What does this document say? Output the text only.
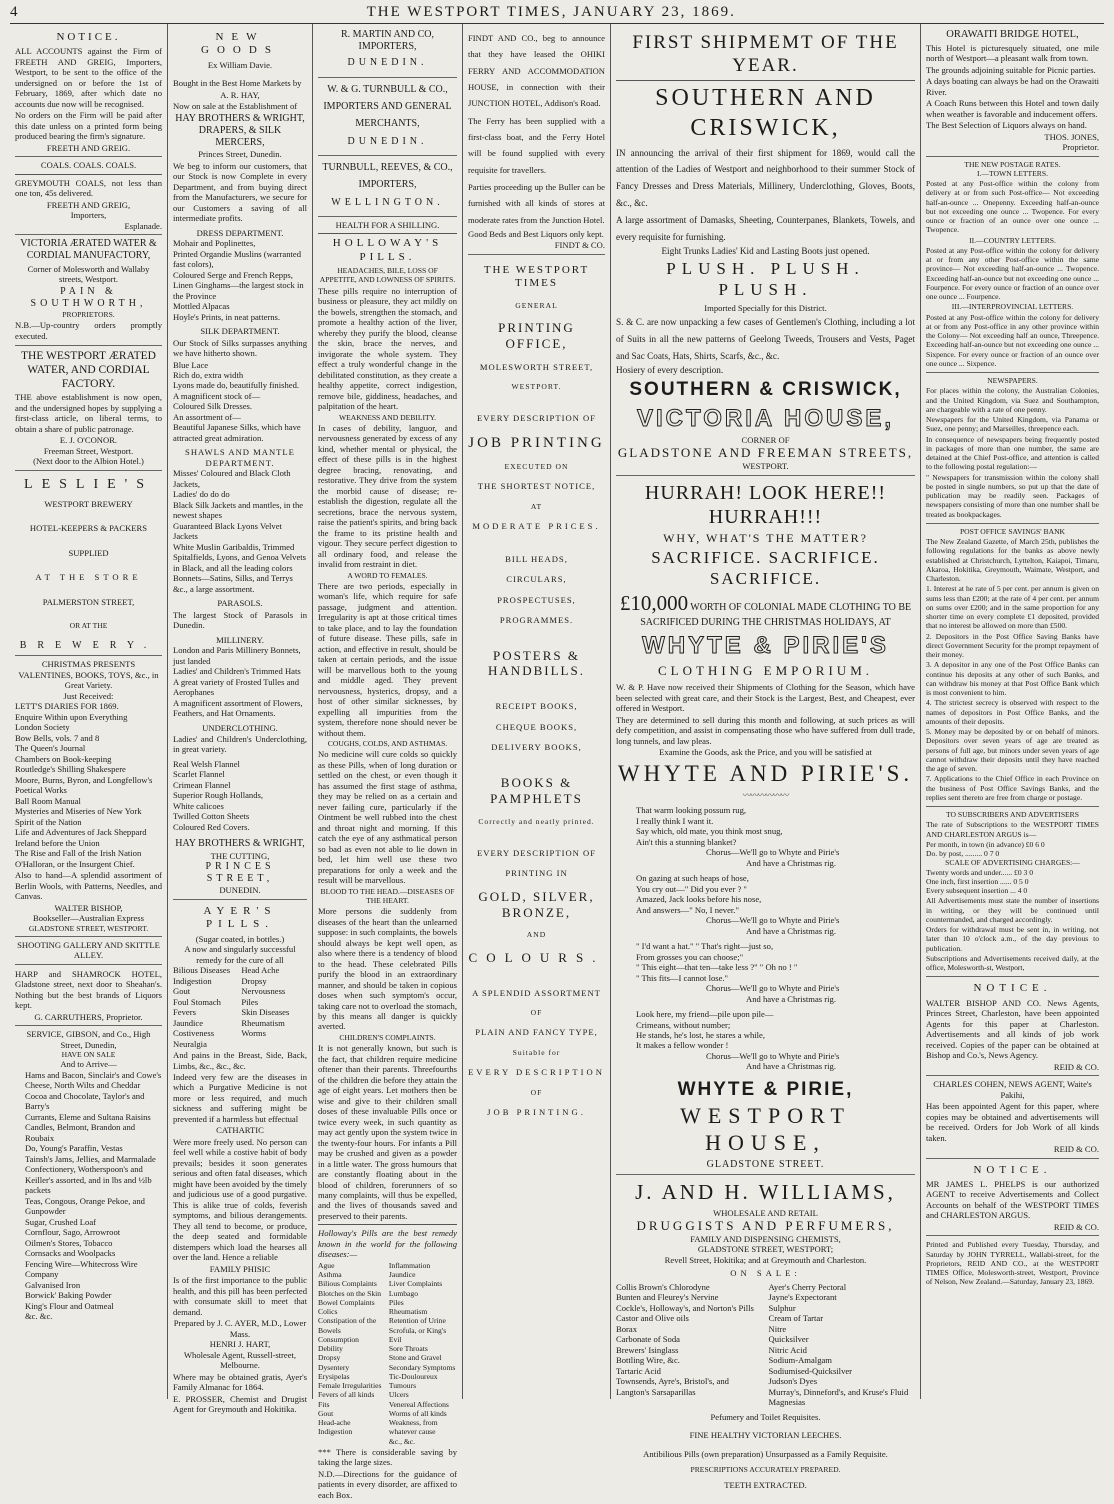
4	THE WESTPORT TIMES, JANUARY 23, 1869.
NOTICE.

ALL ACCOUNTS against the Firm of FREETH AND GREIG, Importers, Westport, to be sent to the office of the undersigned on or before the 1st of February, 1869, after which date no accounts due now will be recognised.

No orders on the Firm will be paid after this date unless on a printed form being produced bearing the firm's signature.

FREETH AND GREIG.
COALS. COALS. COALS.

GREYMOUTH COALS, not less than one ton, 45s delivered.

FREETH AND GREIG,
Importers,
Esplanade.
VICTORIA ÆRATED WATER & CORDIAL MANUFACTORY,

Corner of Molesworth and Wallaby streets, Westport.

PAIN & SOUTHWORTH,
PROPRIETORS.

N.B.—Up-country orders promptly executed.

THE WESTPORT ÆRATED WATER, AND CORDIAL FACTORY.

THE above establishment is now open, and the undersigned hopes by supplying a first-class article, on liberal terms, to obtain a share of public patronage.

E. J. O'CONOR.
Freeman Street, Westport.
(Next door to the Albion Hotel.)
LESLIE'S
WESTPORT BREWERY
HOTEL-KEEPERS & PACKERS
SUPPLIED
AT THE STORE
PALMERSTON STREET,
OR AT THE
BREWERY.
CHRISTMAS PRESENTS VALENTINES, BOOKS, TOYS, &c., in Great Variety.
Just Received:
LETT'S DIARIES FOR 1869.
Enquire Within upon Everything
London Society
Bow Bells, vols. 7 and 8
The Queen's Journal
Chambers on Book-keeping
Routledge's Shilling Shakespere
Moore, Burns, Byron, and Longfellow's Poetical Works
Ball Room Manual
Mysteries and Miseries of New York
Spirit of the Nation
Life and Adventures of Jack Sheppard
Ireland before the Union
The Rise and Fall of the Irish Nation
O'Halloran, or the Insurgent Chief.

Also to hand—A splendid assortment of Berlin Wools, with Patterns, Needles, and Canvas.

WALTER BISHOP,
Bookseller—Australian Express
GLADSTONE STREET, WESTPORT.
SHOOTING GALLERY AND SKITTLE ALLEY.

HARP and SHAMROCK HOTEL, Gladstone street, next door to Sheahan's. Nothing but the best brands of Liquors kept.

G. CARRUTHERS, Proprietor.
SERVICE, GIBSON, and Co., High Street, Dunedin,
HAVE ON SALE
And to Arrive—
Hams and Bacon, Sinclair's and Cowe's
Cheese, North Wilts and Cheddar
Cocoa and Chocolate, Taylor's and Barry's
Currants, Eleme and Sultana Raisins
Candles, Belmont, Brandon and Roubaix
Do, Young's Paraffin, Vestas
Tainsh's Jams, Jellies, and Marmalade
Confectionery, Wotherspoon's and Keiller's assorted, and in lbs and ½lb packets
Teas, Congous, Orange Pekoe, and Gunpowder
Sugar, Crushed Loaf
Cornflour, Sago, Arrowroot
Oilmen's Stores, Tobacco
Cornsacks and Woolpacks
Fencing Wire—Whitecross Wire Company
Galvanised Iron
Borwick' Baking Powder
King's Flour and Oatmeal
&c. &c.
NEW GOODS
Ex William Davie.

Bought in the Best Home Markets by

A. R. HAY,

Now on sale at the Establishment of

HAY BROTHERS & WRIGHT, DRAPERS, & SILK MERCERS,
Princes Street, Dunedin.

We beg to inform our customers, that our Stock is now Complete in every Department, and from buying direct from the Manufacturers, we secure for our Customers a saving of all intermediate profits.

DRESS DEPARTMENT.
Mohair and Poplinettes,
Printed Organdie Muslins (warranted fast colors),
Coloured Serge and French Repps,
Linen Ginghams—the largest stock in the Province
Mottled Alpacas
Hoyle's Prints, in neat patterns.
SILK DEPARTMENT.

Our Stock of Silks surpasses anything we have hitherto shown.

Blue Lace
Rich do, extra width
Lyons made do, beautifully finished.
A magnificent stock of—
Coloured Silk Dresses.
An assortment of—
Beautiful Japanese Silks, which have attracted great admiration.
SHAWLS AND MANTLE DEPARTMENT.
Misses' Coloured and Black Cloth Jackets,
Ladies' do do do
Black Silk Jackets and mantles, in the newest shapes
Guaranteed Black Lyons Velvet Jackets
White Muslin Garibaldis, Trimmed
Spitalfields, Lyons, and Genoa Velvets in Black, and all the leading colors
Bonnets—Satins, Silks, and Terrys &c., a large assortment.
PARASOLS.

The largest Stock of Parasols in Dunedin.

MILLINERY.
London and Paris Millinery Bonnets, just landed
Ladies' and Children's Trimmed Hats
A great variety of Frosted Tulles and Aerophanes
A magnificent assortment of Flowers, Feathers, and Hat Ornaments.
UNDERCLOTHING.

Ladies' and Children's Underclothing, in great variety.

Real Welsh Flannel
Scarlet Flannel
Crimean Flannel
Superior Rough Hollands,
White calicoes
Twilled Cotton Sheets
Coloured Red Covers.
HAY BROTHERS & WRIGHT,
THE CUTTING,
PRINCES STREET,
DUNEDIN.
AYER'S PILLS.
(Sugar coated, in bottles.)
A now and singularly successful remedy for the cure of all
Bilious Diseases
Indigestion
Gout
Foul Stomach
Fevers
Jaundice
Costiveness
Neuralgia
Head Ache
Dropsy
Nervousness
Piles
Skin Diseases
Rheumatism
Worms

And pains in the Breast, Side, Back, Limbs, &c., &c., &c.

Indeed very few are the diseases in which a Purgative Medicine is not more or less required, and much sickness and suffering might be prevented if a harmless but effectual

CATHARTIC

Were more freely used. No person can feel well while a costive habit of body prevails; besides it soon generates serious and often fatal diseases, which might have been avoided by the timely and judicious use of a good purgative. This is alike true of colds, feverish symptoms, and bilious derangements. They all tend to become, or produce, the deep seated and formidable distempers which load the hearses all over the land. Hence a reliable

FAMILY PHISIC

Is of the first importance to the public health, and this pill has been perfected with consumate skill to meet that demand.

Prepared by J. C. AYER, M.D., Lower Mass.
HENRI J. HART,
Wholesale Agent, Russell-street, Melbourne.

Where may be obtained gratis, Ayer's Family Almanac for 1864.

E. PROSSER, Chemist and Drugist Agent for Greymouth and Hokitika.

R. MARTIN AND CO, IMPORTERS,
DUNEDIN.
W. & G. TURNBULL & CO., IMPORTERS AND GENERAL MERCHANTS,
DUNEDIN.
TURNBULL, REEVES, & CO., IMPORTERS,
WELLINGTON.
HEALTH FOR A SHILLING.
HOLLOWAY'S PILLS.
HEADACHES, BILE, LOSS OF APPETITE, AND LOWNESS OF SPIRITS.

These pills require no interruption of business or pleasure, they act mildly on the bowels, strengthen the stomach, and promote a healthy action of the liver, whereby they purify the blood, cleanse the skin, brace the nerves, and invigorate the whole system. They effect a truly wonderful change in the debilitated constitution, as they create a healthy appetite, correct indigestion, remove bile, giddiness, headaches, and palpitation of the heart.

WEAKNESS AND DEBILITY.

In cases of debility, languor, and nervousness generated by excess of any kind, whether mental or physical, the effect of these pills is in the highest degree bracing, renovating, and restorative. They drive from the system the morbid cause of disease; re-establish the digestion, regulate all the secretions, brace the nervous system, raise the patient's spirits, and bring back the frame to its pristine health and vigour. They secure perfect digestion to all ordinary food, and release the invalid from restraint in diet.

A WORD TO FEMALES.

There are two periods, especially in woman's life, which require for safe passage, judgment and attention. Irregularity is apt at those critical times to take place, and to lay the foundation of future disease. These pills, safe in action, and effective in result, should be taken at certain periods, and the issue will be marvellous both to the young and middle aged. They prevent nervousness, hysterics, dropsy, and a host of other similar sicknesses, by expelling all impurities from the system, therefore none should never be without them.

COUGHS, COLDS, AND ASTHMAS.

No medicine will cure colds so quickly as these Pills, when of long duration or settled on the chest, or even though it has assumed the first stage of asthma, they may be relied on as a certain and never failing cure, particularly if the Ointment be well rubbed into the chest and throat night and morning. If this catch the eye of any asthmatical person so bad as even not able to lie down in bed, let him well use these two preparations for only a week and the result will be marvellous.

BLOOD TO THE HEAD.—DISEASES OF THE HEART.

More persons die suddenly from diseases of the heart than the unlearned suppose: in such complaints, the bowels should always be kept well open, as also where there is a tendency of blood to the head. These celebrated Pills purify the blood in an extraordinary manner, and should be taken in copious doses when such symptom's occur, taking care not to overload the stomach, by this means all danger is quickly averted.

CHILDREN'S COMPLAINTS.

It is not generally known, but such is the fact, that children require medicine oftener than their parents. Threefourths of the children die before they attain the age of eight years. Let mothers then be wise and give to their children small doses of these invaluable Pills once or twice every week, in such quantity as may act gently upon the system twice in the twenty-four hours. For infants a Pill may be crushed and given as a powder in a little water. The gross humours that are constantly floating about in the blood of children, forerunners of so many complaints, will thus be expelled, and the lives of thousands saved and preserved to their parents.

Holloway's Pills are the best remedy known in the world for the following diseases:—

Ague
Asthma
Bilious Complaints
Blotches on the Skin
Bowel Complaints
Colics
Constipation of the Bowels
Consumption
Debility
Dropsy
Dysentery
Erysipelas
Female Irregularities
Fevers of all kinds
Fits
Gout
Head-ache
Indigestion
Inflammation
Jaundice
Liver Complaints
Lumbago
Piles
Rheumatism
Retention of Urine
Scrofula, or King's Evil
Sore Throats
Stone and Gravel
Secondary Symptoms
Tic-Douloureux
Tumours
Ulcers
Venereal Affections
Worms of all kinds
Weakness, from whatever cause
&c., &c.

*** There is considerable saving by taking the large sizes.

N.D.—Directions for the guidance of patients in every disorder, are affixed to each Box.

FINDT AND CO., beg to announce that they have leased the OHIKI FERRY AND ACCOMMODATION HOUSE, in connection with their JUNCTION HOTEL, Addison's Road.

The Ferry has been supplied with a first-class boat, and the Ferry Hotel will be found supplied with every requisite for travellers.

Parties proceeding up the Buller can be furnished with all kinds of stores at moderate rates from the Junction Hotel.

Good Beds and Best Liquors only kept.

FINDT & CO.
THE WESTPORT TIMES
GENERAL
PRINTING OFFICE,
MOLESWORTH STREET,
WESTPORT.
EVERY DESCRIPTION OF
JOB PRINTING
EXECUTED ON
THE SHORTEST NOTICE,
AT
MODERATE PRICES.
BILL HEADS,
CIRCULARS,
PROSPECTUSES,
PROGRAMMES.
POSTERS & HANDBILLS.
RECEIPT BOOKS,
CHEQUE BOOKS,
DELIVERY BOOKS,
BOOKS & PAMPHLETS
Correctly and neatly printed.
EVERY DESCRIPTION OF
PRINTING IN
GOLD, SILVER, BRONZE,
AND
COLOURS.
A SPLENDID ASSORTMENT
OF
PLAIN AND FANCY TYPE,
Suitable for
EVERY DESCRIPTION
OF
JOB PRINTING.
FIRST SHIPMEMT OF THE YEAR.
SOUTHERN AND CRISWICK,

IN announcing the arrival of their first shipment for 1869, would call the attention of the Ladies of Westport and neighborhood to their summer Stock of Fancy Dresses and Dress Materials, Millinery, Underclothing, Gloves, Boots, &c., &c.

A large assortment of Damasks, Sheeting, Counterpanes, Blankets, Towels, and every requisite for furnishing.

Eight Trunks Ladies' Kid and Lasting Boots just opened.

PLUSH. PLUSH. PLUSH.
Imported Specially for this District.

S. & C. are now unpacking a few cases of Gentlemen's Clothing, including a lot of Suits in all the new patterns of Geelong Tweeds, Trousers and Vests, Paget and Sac Coats, Hats, Shirts, Scarfs, &c., &c.

Hosiery of every description.

SOUTHERN & CRISWICK,
VICTORIA HOUSE,
CORNER OF
GLADSTONE AND FREEMAN STREETS,
WESTPORT.
HURRAH! LOOK HERE!! HURRAH!!!
WHY, WHAT'S THE MATTER?
SACRIFICE. SACRIFICE. SACRIFICE.
£10,000 WORTH OF COLONIAL MADE CLOTHING TO BE
SACRIFICED DURING THE CHRISTMAS HOLIDAYS, AT
WHYTE & PIRIE'S
CLOTHING EMPORIUM.

W. & P. Have now received their Shipments of Clothing for the Season, which have been selected with great care, and their Stock is the Largest, Best, and Cheapest, ever offered in Westport.

They are determined to sell during this month and following, at such prices as will defy competition, and assist in compensating those who have suffered from dull trade, long tunnels, and law pleas.

Examine the Goods, ask the Price, and you will be satisfied at

WHYTE AND PIRIE'S.
〰〰〰〰〰〰
That warm looking possum rug,
I really think I want it.
Say which, old mate, you think most snug,
Ain't this a stunning blanket?
Chorus—We'll go to Whyte and Pirie's
And have a Christmas rig.
On gazing at such heaps of hose,
You cry out—" Did you ever ? "
Amazed, Jack looks before his nose,
And answers—" No, I never."
Chorus—We'll go to Whyte and Pirie's
And have a Christmas rig.
" I'd want a hat." " That's right—just so,
From grosses you can choose;"
" This eight—that ten—take less ?" " Oh no ! "
" This fits—I cannot lose."
Chorus—We'll go to Whyte and Pirie's
And have a Christmas rig.
Look here, my friend—pile upon pile—
Crimeans, without number;
He stands, he's lost, he stares a while,
It makes a fellow wonder !
Chorus—We'll go to Whyte and Pirie's
And have a Christmas rig.
WHYTE & PIRIE,
WESTPORT HOUSE,
GLADSTONE STREET.
J. AND H. WILLIAMS,
WHOLESALE AND RETAIL
DRUGGISTS AND PERFUMERS,
FAMILY AND DISPENSING CHEMISTS,
GLADSTONE STREET, WESTPORT;
Revell Street, Hokitika; and at Greymouth and Charleston.
ON SALE:
Collis Brown's Chlorodyne
Bunten and Fleurey's Nervine
Cockle's, Holloway's, and Norton's Pills
Castor and Olive oils
Borax
Carbonate of Soda
Brewers' Isinglass
Bottling Wire, &c.
Tartaric Acid
Townsends, Ayre's, Bristol's, and Langton's Sarsaparillas
Ayer's Cherry Pectoral
Jayne's Expectorant
Sulphur
Cream of Tartar
Nitre
Quicksilver
Nitric Acid
Sodium-Amalgam
Sodiumised-Quicksilver
Judson's Dyes
Murray's, Dinneford's, and Kruse's Fluid Magnesias
Pefumery and Toilet Requisites.
FINE HEALTHY VICTORIAN LEECHES.
Antibilious Pills (own preparation) Unsurpassed as a Family Requisite.
PRESCRIPTIONS ACCURATELY PREPARED.
TEETH EXTRACTED.
ORAWAITI BRIDGE HOTEL,

This Hotel is picturesquely situated, one mile north of Westport—a pleasant walk from town.

The grounds adjoining suitable for Picnic parties.

A days boating can always be had on the Orawaiti River.

A Coach Runs between this Hotel and town daily when weather is favorable and inducement offers.

The Best Selection of Liquors always on hand.

THOS. JONES,
Proprietor.
THE NEW POSTAGE RATES.
I.—TOWN LETTERS.

Posted at any Post-office within the colony from delivery at or from such Post-office— Not exceeding half-an-ounce ... Onepenny. Exceeding half-an-ounce but not exceeding one ounce ... Twopence. For every ounce or fraction of an ounce over one ounce ... Twopence.

II.—COUNTRY LETTERS.

Posted at any Post-office within the colony for delivery at or from any other Post-office within the same province— Not exceeding half-an-ounce ... Twopence. Exceeding half-an-ounce but not exceeding one ounce ... Fourpence. For every ounce or fraction of an ounce over one ounce ... Fourpence.

III.—INTERPROVINCIAL LETTERS.

Posted at any Post-office within the colony for delivery at or from any Post-office in any other province within the Colony— Not exceeding half an ounce, Threepence. Exceeding half-an-ounce but not exceeding one ounce ... Sixpence. For every ounce or fraction of an ounce over one ounce ... Sixpence.

NEWSPAPERS.

For places within the colony, the Australian Colonies, and the United Kingdom, via Suez and Southampton, are chargeable with a rate of one penny.

Newspapers for the United Kingdom, via Panama or Suez, one penny; and Marseilles, threepence each.

In consequence of newspapers being frequently posted in packages of more than one number, the same are detained at the Chief Post-office, and attention is called to the following postal regulation:—

" Newspapers for transmission within the colony shall be posted in single numbers, so put up that the date of publication may be readily seen. Packages of newspapers consisting of more than one number shall be treated as bookpackages.

POST OFFICE SAVINGS' BANK

The New Zealand Gazette, of March 25th, publishes the following regulations for the banks as above newly established at Christchurch, Lyttelton, Kaiapoi, Timaru, Akaroa, Hokitika, Greymouth, Waimate, Westport, and Charleston.

1. Interest at he rate of 5 per cent. per annum is given on sums less than £200; at the rate of 4 per cent. per annum on sums over £200; and in the same proportion for any shorter time on every complete £1 deposited, provided that no interest be allowed on more than £500.

2. Depositors in the Post Office Saving Banks have direct Government Security for the prompt repayment of their money.

3. A depositor in any one of the Post Office Banks can continue his deposits at any other of such Banks, and can withdraw his money at that Post Office Bank which is most convenient to him.

4. The strictest secrecy is observed with respect to the names of depositors in Post Office Banks, and the amounts of their deposits.

5. Money may be deposited by or on behalf of minors. Depositors over seven years of age are treated as persons of full age, but minors under seven years of age cannot withdraw their deposits until they have reached the age of seven.

7. Applications to the Chief Office in each Province on the business of Post Office Savings Banks, and the replies sent thereto are free from charge or postage.

TO SUBSCRIBERS AND ADVERTISERS

The rate of Subscriptions to the WESTPORT TIMES AND CHARLESTON ARGUS is—

Per month, in town (in advance) £0 6 0
Do. by post, ......... 0 7 0
SCALE OF ADVERTISING CHARGES:—
Twenty words and under...... £0 3 0
One inch, first insertion ...... 0 5 0
Every subsequent insertion ... 4 0

All Advertisements must state the number of insertions in writing, or they will be continued until countermanded, and charged accordingly.

Orders for withdrawal must be sent in, in writing, not later than 10 o'clock a.m., of the day previous to publication.

Subscriptions and Advertisements received daily, at the office, Molesworth-st, Westport,

NOTICE.

WALTER BISHOP AND CO. News Agents, Princes Street, Charleston, have been appointed Agents for this paper at Charleston. Advertisements and all kinds of job work received. Copies of the paper can be obtained at Bishop and Co.'s, News Agency.

REID & CO.
CHARLES COHEN, NEWS AGENT, Waite's Pakihi,

Has been appointed Agent for this paper, where copies may be obtained and advertisements will be received. Orders for Job Work of all kinds taken.

REID & CO.
NOTICE.

MR JAMES L. PHELPS is our authorized AGENT to receive Advertisements and Collect Accounts on behalf of the WESTPORT TIMES and CHARLESTON ARGUS.

REID & CO.

Printed and Published every Tuesday, Thursday, and Saturday by JOHN TYRRELL, Wallabi-street, for the Proprietors, REID AND CO., at the WESTPORT TIMES Office, Molesworth-street, Westport, Province of Nelson, New Zealand.—Saturday, January 23, 1869.
